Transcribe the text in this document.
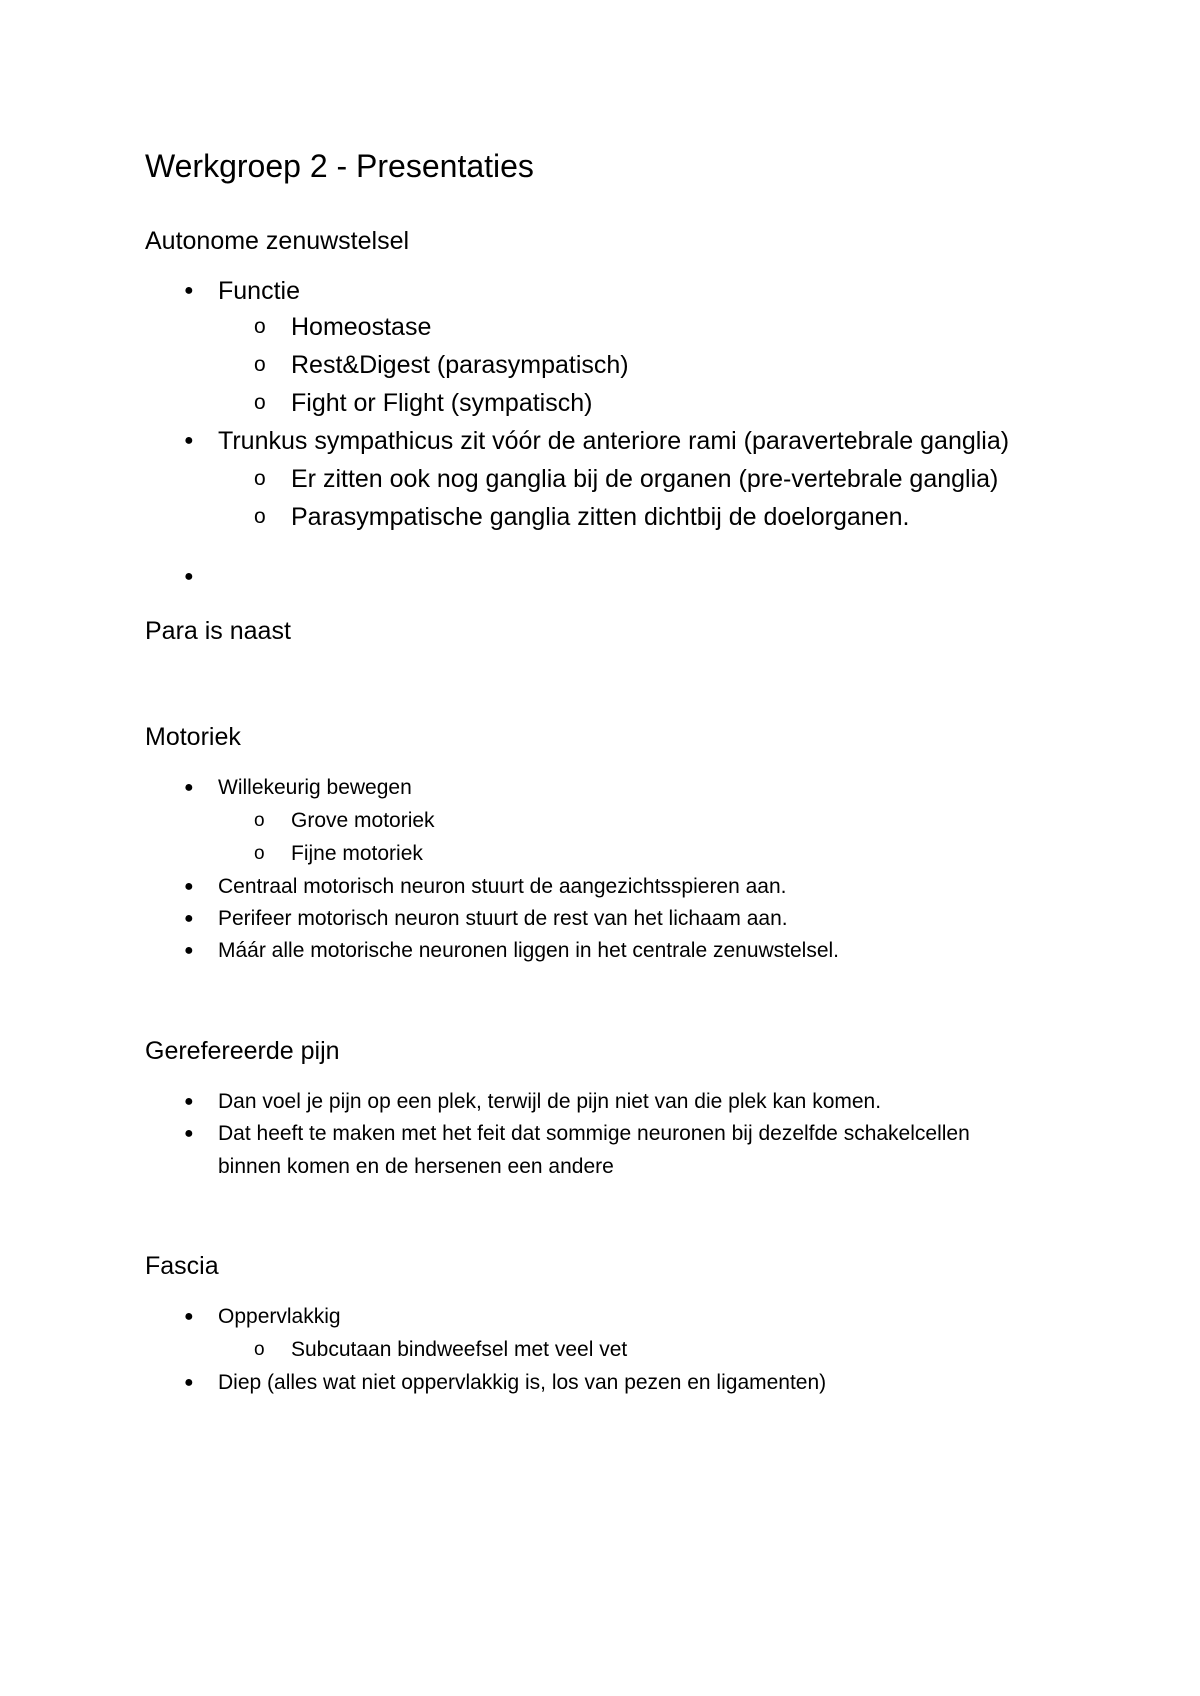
Werkgroep 2 - Presentaties
Autonome zenuwstelsel
● Functie
o Homeostase
o Rest&Digest (parasympatisch)
o Fight or Flight (sympatisch)
● Trunkus sympathicus zit vóór de anteriore rami (paravertebrale ganglia)
o Er zitten ook nog ganglia bij de organen (pre-vertebrale ganglia)
o Parasympatische ganglia zitten dichtbij de doelorganen.
●
Para is naast
Motoriek
● Willekeurig bewegen
o Grove motoriek
o Fijne motoriek
● Centraal motorisch neuron stuurt de aangezichtsspieren aan.
● Perifeer motorisch neuron stuurt de rest van het lichaam aan.
● Máár alle motorische neuronen liggen in het centrale zenuwstelsel.
Gerefereerde pijn
● Dan voel je pijn op een plek, terwijl de pijn niet van die plek kan komen.
● Dat heeft te maken met het feit dat sommige neuronen bij dezelfde schakelcellen
binnen komen en de hersenen een andere
Fascia
● Oppervlakkig
o Subcutaan bindweefsel met veel vet
● Diep (alles wat niet oppervlakkig is, los van pezen en ligamenten)
